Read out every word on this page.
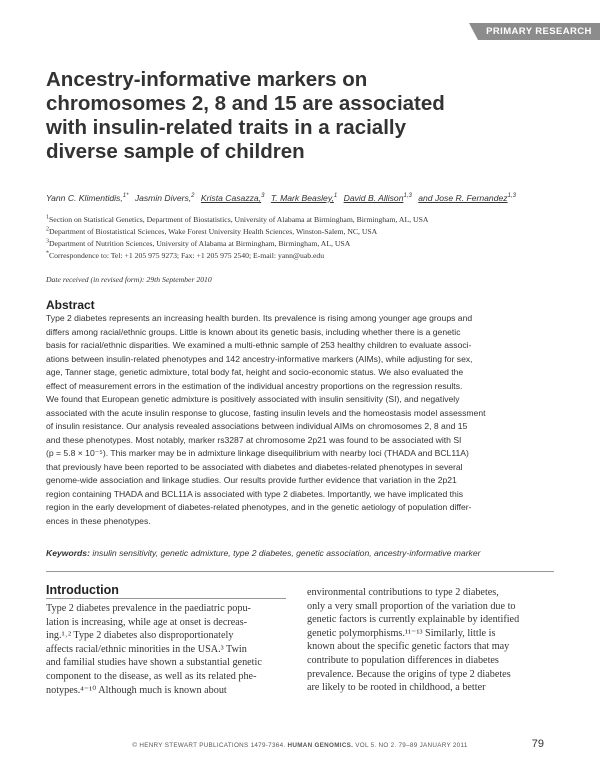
PRIMARY RESEARCH
Ancestry-informative markers on
chromosomes 2, 8 and 15 are associated
with insulin-related traits in a racially
diverse sample of children
Yann C. Klimentidis,$^{1*}$ Jasmin Divers,$^2$ Krista Casazza,$^3$ T. Mark Beasley,$^1$ David B. Allison$^{1,3}$ and Jose R. Fernandez$^{1,3}$
$^1$Section on Statistical Genetics, Department of Biostatistics, University of Alabama at Birmingham, Birmingham, AL, USA
$^2$Department of Biostatistical Sciences, Wake Forest University Health Sciences, Winston-Salem, NC, USA
$^3$Department of Nutrition Sciences, University of Alabama at Birmingham, Birmingham, AL, USA
*Correspondence to: Tel: +1 205 975 9273; Fax: +1 205 975 2540; E-mail: yann@uab.edu
Date received (in revised form): 29th September 2010
Abstract
Type 2 diabetes represents an increasing health burden. Its prevalence is rising among younger age groups and
differs among racial/ethnic groups. Little is known about its genetic basis, including whether there is a genetic
basis for racial/ethnic disparities. We examined a multi-ethnic sample of 253 healthy children to evaluate associ-
ations between insulin-related phenotypes and 142 ancestry-informative markers (AIMs), while adjusting for sex,
age, Tanner stage, genetic admixture, total body fat, height and socio-economic status. We also evaluated the
effect of measurement errors in the estimation of the individual ancestry proportions on the regression results.
We found that European genetic admixture is positively associated with insulin sensitivity (SI), and negatively
associated with the acute insulin response to glucose, fasting insulin levels and the homeostasis model assessment
of insulin resistance. Our analysis revealed associations between individual AIMs on chromosomes 2, 8 and 15
and these phenotypes. Most notably, marker rs3287 at chromosome 2p21 was found to be associated with SI
(p = 5.8 × 10⁻⁵). This marker may be in admixture linkage disequilibrium with nearby loci (THADA and BCL11A)
that previously have been reported to be associated with diabetes and diabetes-related phenotypes in several
genome-wide association and linkage studies. Our results provide further evidence that variation in the 2p21
region containing THADA and BCL11A is associated with type 2 diabetes. Importantly, we have implicated this
region in the early development of diabetes-related phenotypes, and in the genetic aetiology of population differ-
ences in these phenotypes.
Keywords: insulin sensitivity, genetic admixture, type 2 diabetes, genetic association, ancestry-informative marker
Introduction
Type 2 diabetes prevalence in the paediatric popu-
lation is increasing, while age at onset is decreas-
ing.¹˒² Type 2 diabetes also disproportionately
affects racial/ethnic minorities in the USA.³ Twin
and familial studies have shown a substantial genetic
component to the disease, as well as its related phe-
notypes.⁴⁻¹⁰ Although much is known about
environmental contributions to type 2 diabetes,
only a very small proportion of the variation due to
genetic factors is currently explainable by identified
genetic polymorphisms.¹¹⁻¹³ Similarly, little is
known about the specific genetic factors that may
contribute to population differences in diabetes
prevalence. Because the origins of type 2 diabetes
are likely to be rooted in childhood, a better
© HENRY STEWART PUBLICATIONS 1479-7364. HUMAN GENOMICS. VOL 5. NO 2. 79–89 JANUARY 2011	79
